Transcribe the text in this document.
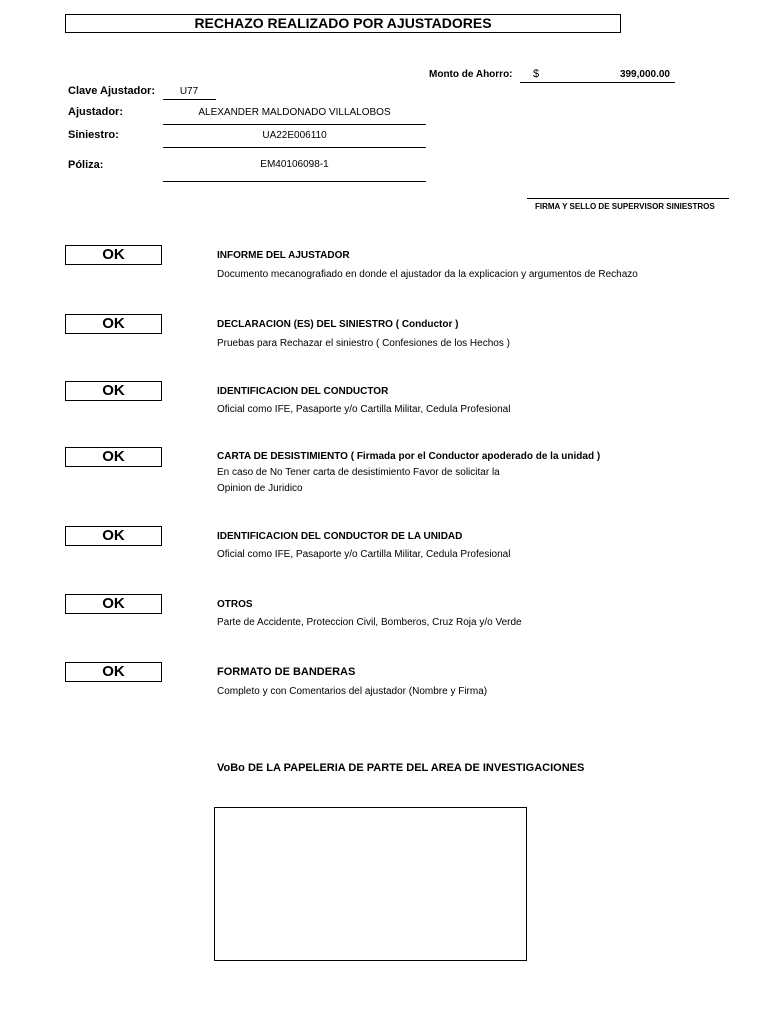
RECHAZO REALIZADO POR AJUSTADORES
Monto de Ahorro: $	399,000.00
Clave Ajustador:	U77
Ajustador:	ALEXANDER MALDONADO VILLALOBOS
Siniestro:	UA22E006110
Póliza:	EM40106098-1
FIRMA Y SELLO DE SUPERVISOR SINIESTROS
OK	INFORME DEL AJUSTADOR
Documento mecanografiado en donde el ajustador da la explicacion y argumentos de Rechazo
OK	DECLARACION (ES) DEL SINIESTRO ( Conductor )
Pruebas para Rechazar el siniestro ( Confesiones de los Hechos )
OK	IDENTIFICACION DEL CONDUCTOR
Oficial como IFE, Pasaporte y/o Cartilla Militar, Cedula Profesional
OK	CARTA DE DESISTIMIENTO ( Firmada por el Conductor apoderado de la unidad )
En caso de No Tener carta de desistimiento Favor de solicitar la
Opinion de Juridico
OK	IDENTIFICACION DEL CONDUCTOR DE LA UNIDAD
Oficial como IFE, Pasaporte y/o Cartilla Militar, Cedula Profesional
OK	OTROS
Parte de Accidente, Proteccion Civil, Bomberos, Cruz Roja y/o Verde
OK	FORMATO DE BANDERAS
Completo y con Comentarios del ajustador (Nombre y Firma)
VoBo DE LA PAPELERIA DE PARTE DEL AREA DE INVESTIGACIONES
